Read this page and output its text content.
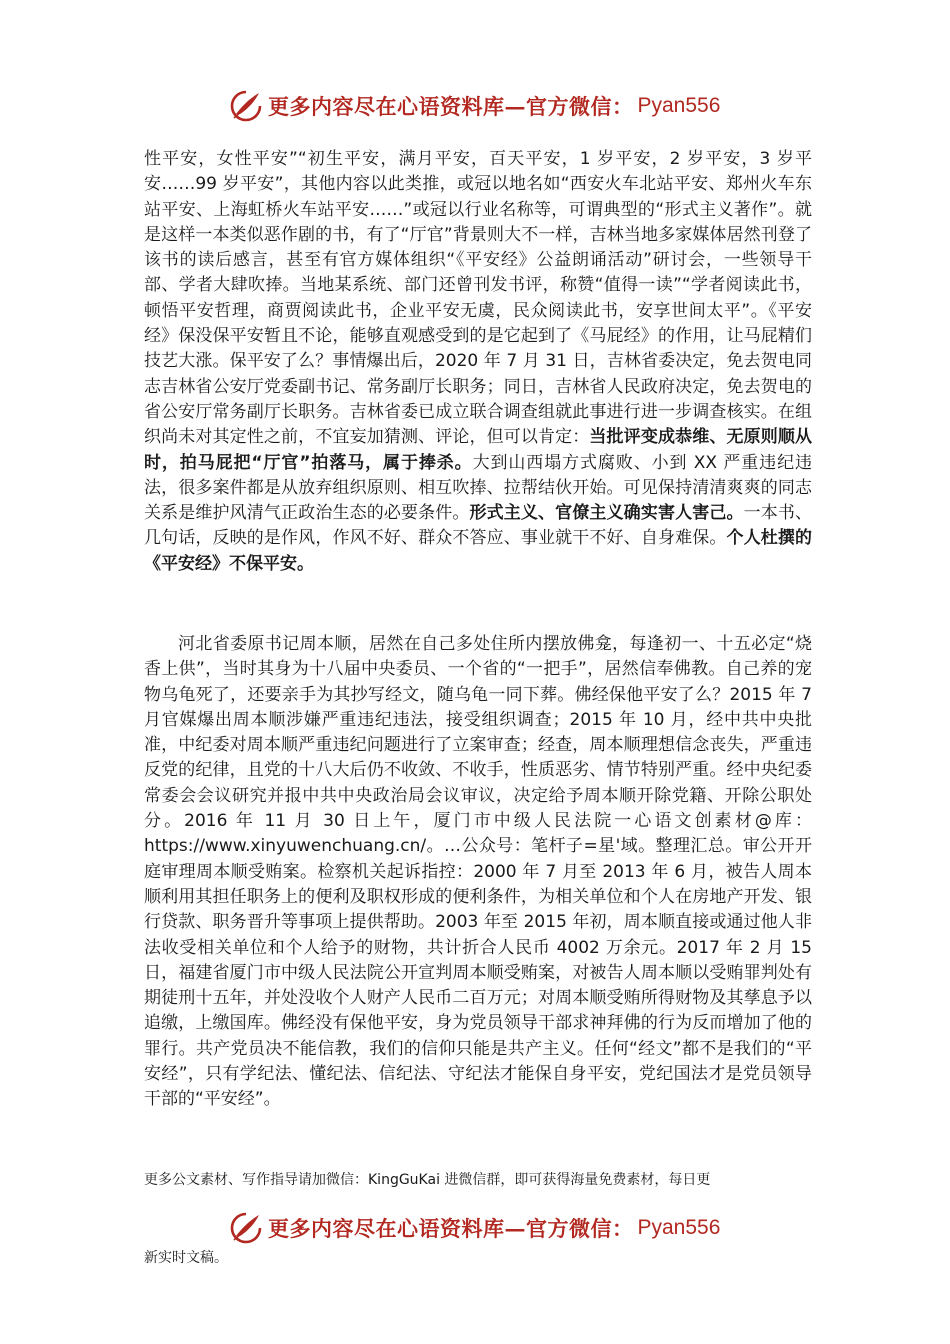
更多内容尽在心语资料库—官方微信： Pyan556

性平安，女性平安”“初生平安，满月平安，百天平安，1 岁平安，2 岁平安，3 岁平安……99 岁平安”，其他内容以此类推，或冠以地名如“西安火车北站平安、郑州火车东站平安、上海虹桥火车站平安……”或冠以行业名称等，可谓典型的“形式主义著作”。就是这样一本类似恶作剧的书，有了“厅官”背景则大不一样，吉林当地多家媒体居然刊登了该书的读后感言，甚至有官方媒体组织“《平安经》公益朗诵活动”研讨会，一些领导干部、学者大肆吹捧。当地某系统、部门还曾刊发书评，称赞“值得一读”“学者阅读此书，顿悟平安哲理，商贾阅读此书，企业平安无虞，民众阅读此书，安享世间太平”。《平安经》保没保平安暂且不论，能够直观感受到的是它起到了《马屁经》的作用，让马屁精们技艺大涨。保平安了么？事情爆出后，2020 年 7 月 31 日，吉林省委决定，免去贺电同志吉林省公安厅党委副书记、常务副厅长职务；同日，吉林省人民政府决定，免去贺电的省公安厅常务副厅长职务。吉林省委已成立联合调查组就此事进行进一步调查核实。在组织尚未对其定性之前，不宜妄加猜测、评论，但可以肯定：当批评变成恭维、无原则顺从时，拍马屁把“厅官”拍落马，属于捧杀。大到山西塌方式腐败、小到 XX 严重违纪违法，很多案件都是从放弃组织原则、相互吹捧、拉帮结伙开始。可见保持清清爽爽的同志关系是维护风清气正政治生态的必要条件。形式主义、官僚主义确实害人害己。一本书、几句话，反映的是作风，作风不好、群众不答应、事业就干不好、自身难保。个人杜撰的《平安经》不保平安。

河北省委原书记周本顺，居然在自己多处住所内摆放佛龛，每逢初一、十五必定“烧香上供”，当时其身为十八届中央委员、一个省的“一把手”，居然信奉佛教。自己养的宠物乌龟死了，还要亲手为其抄写经文，随乌龟一同下葬。佛经保他平安了么？2015 年 7 月官媒爆出周本顺涉嫌严重违纪违法，接受组织调查；2015 年 10 月，经中共中央批准，中纪委对周本顺严重违纪问题进行了立案审查；经查，周本顺理想信念丧失，严重违反党的纪律，且党的十八大后仍不收敛、不收手，性质恶劣、情节特别严重。经中央纪委常委会会议研究并报中共中央政治局会议审议，决定给予周本顺开除党籍、开除公职处分。2016 年 11 月 30 日上午，厦门市中级人民法院一心语文创素材@库：https://www.xinyuwenchuang.cn/。…公众号：笔杆子=星'域。整理汇总。审公开开庭审理周本顺受贿案。检察机关起诉指控：2000 年 7 月至 2013 年 6 月，被告人周本顺利用其担任职务上的便利及职权形成的便利条件，为相关单位和个人在房地产开发、银行贷款、职务晋升等事项上提供帮助。2003 年至 2015 年初，周本顺直接或通过他人非法收受相关单位和个人给予的财物，共计折合人民币 4002 万余元。2017 年 2 月 15 日，福建省厦门市中级人民法院公开宣判周本顺受贿案，对被告人周本顺以受贿罪判处有期徒刑十五年，并处没收个人财产人民币二百万元；对周本顺受贿所得财物及其孳息予以追缴，上缴国库。佛经没有保他平安，身为党员领导干部求神拜佛的行为反而增加了他的罪行。共产党员决不能信教，我们的信仰只能是共产主义。任何“经文”都不是我们的“平安经”，只有学纪法、懂纪法、信纪法、守纪法才能保自身平安，党纪国法才是党员领导干部的“平安经”。

更多公文素材、写作指导请加微信：KingGuKai 进微信群，即可获得海量免费素材，每日更

更多内容尽在心语资料库—官方微信： Pyan556

新实时文稿。
